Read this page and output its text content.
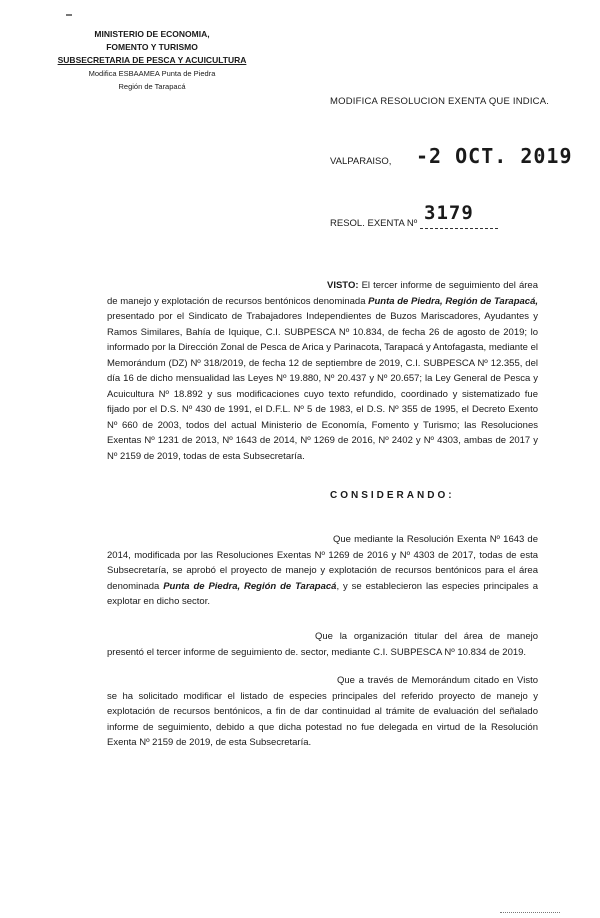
MINISTERIO DE ECONOMIA,
FOMENTO Y TURISMO
SUBSECRETARIA DE PESCA Y ACUICULTURA
Modifica ESBAAMEA Punta de Piedra
Región de Tarapacá
MODIFICA RESOLUCION EXENTA QUE INDICA.
VALPARAISO, -2 OCT. 2019
RESOL. EXENTA Nº 3179
VISTO: El tercer informe de seguimiento del área de manejo y explotación de recursos bentónicos denominada Punta de Piedra, Región de Tarapacá, presentado por el Sindicato de Trabajadores Independientes de Buzos Mariscadores, Ayudantes y Ramos Similares, Bahía de Iquique, C.I. SUBPESCA Nº 10.834, de fecha 26 de agosto de 2019; lo informado por la Dirección Zonal de Pesca de Arica y Parinacota, Tarapacá y Antofagasta, mediante el Memorándum (DZ) Nº 318/2019, de fecha 12 de septiembre de 2019, C.I. SUBPESCA Nº 12.355, del día 16 de dicho mensualidad las Leyes Nº 19.880, Nº 20.437 y Nº 20.657; la Ley General de Pesca y Acuicultura Nº 18.892 y sus modificaciones cuyo texto refundido, coordinado y sistematizado fue fijado por el D.S. Nº 430 de 1991, el D.F.L. Nº 5 de 1983, el D.S. Nº 355 de 1995, el Decreto Exento Nº 660 de 2003, todos del actual Ministerio de Economía, Fomento y Turismo; las Resoluciones Exentas Nº 1231 de 2013, Nº 1643 de 2014, Nº 1269 de 2016, Nº 2402 y Nº 4303, ambas de 2017 y Nº 2159 de 2019, todas de esta Subsecretaría.
CONSIDERANDO:
Que mediante la Resolución Exenta Nº 1643 de 2014, modificada por las Resoluciones Exentas Nº 1269 de 2016 y Nº 4303 de 2017, todas de esta Subsecretaría, se aprobó el proyecto de manejo y explotación de recursos bentónicos para el área denominada Punta de Piedra, Región de Tarapacá, y se establecieron las especies principales a explotar en dicho sector.
Que la organización titular del área de manejo presentó el tercer informe de seguimiento de. sector, mediante C.I. SUBPESCA Nº 10.834 de 2019.
Que a través de Memorándum citado en Visto se ha solicitado modificar el listado de especies principales del referido proyecto de manejo y explotación de recursos bentónicos, a fin de dar continuidad al trámite de evaluación del señalado informe de seguimiento, debido a que dicha potestad no fue delegada en virtud de la Resolución Exenta Nº 2159 de 2019, de esta Subsecretaría.
